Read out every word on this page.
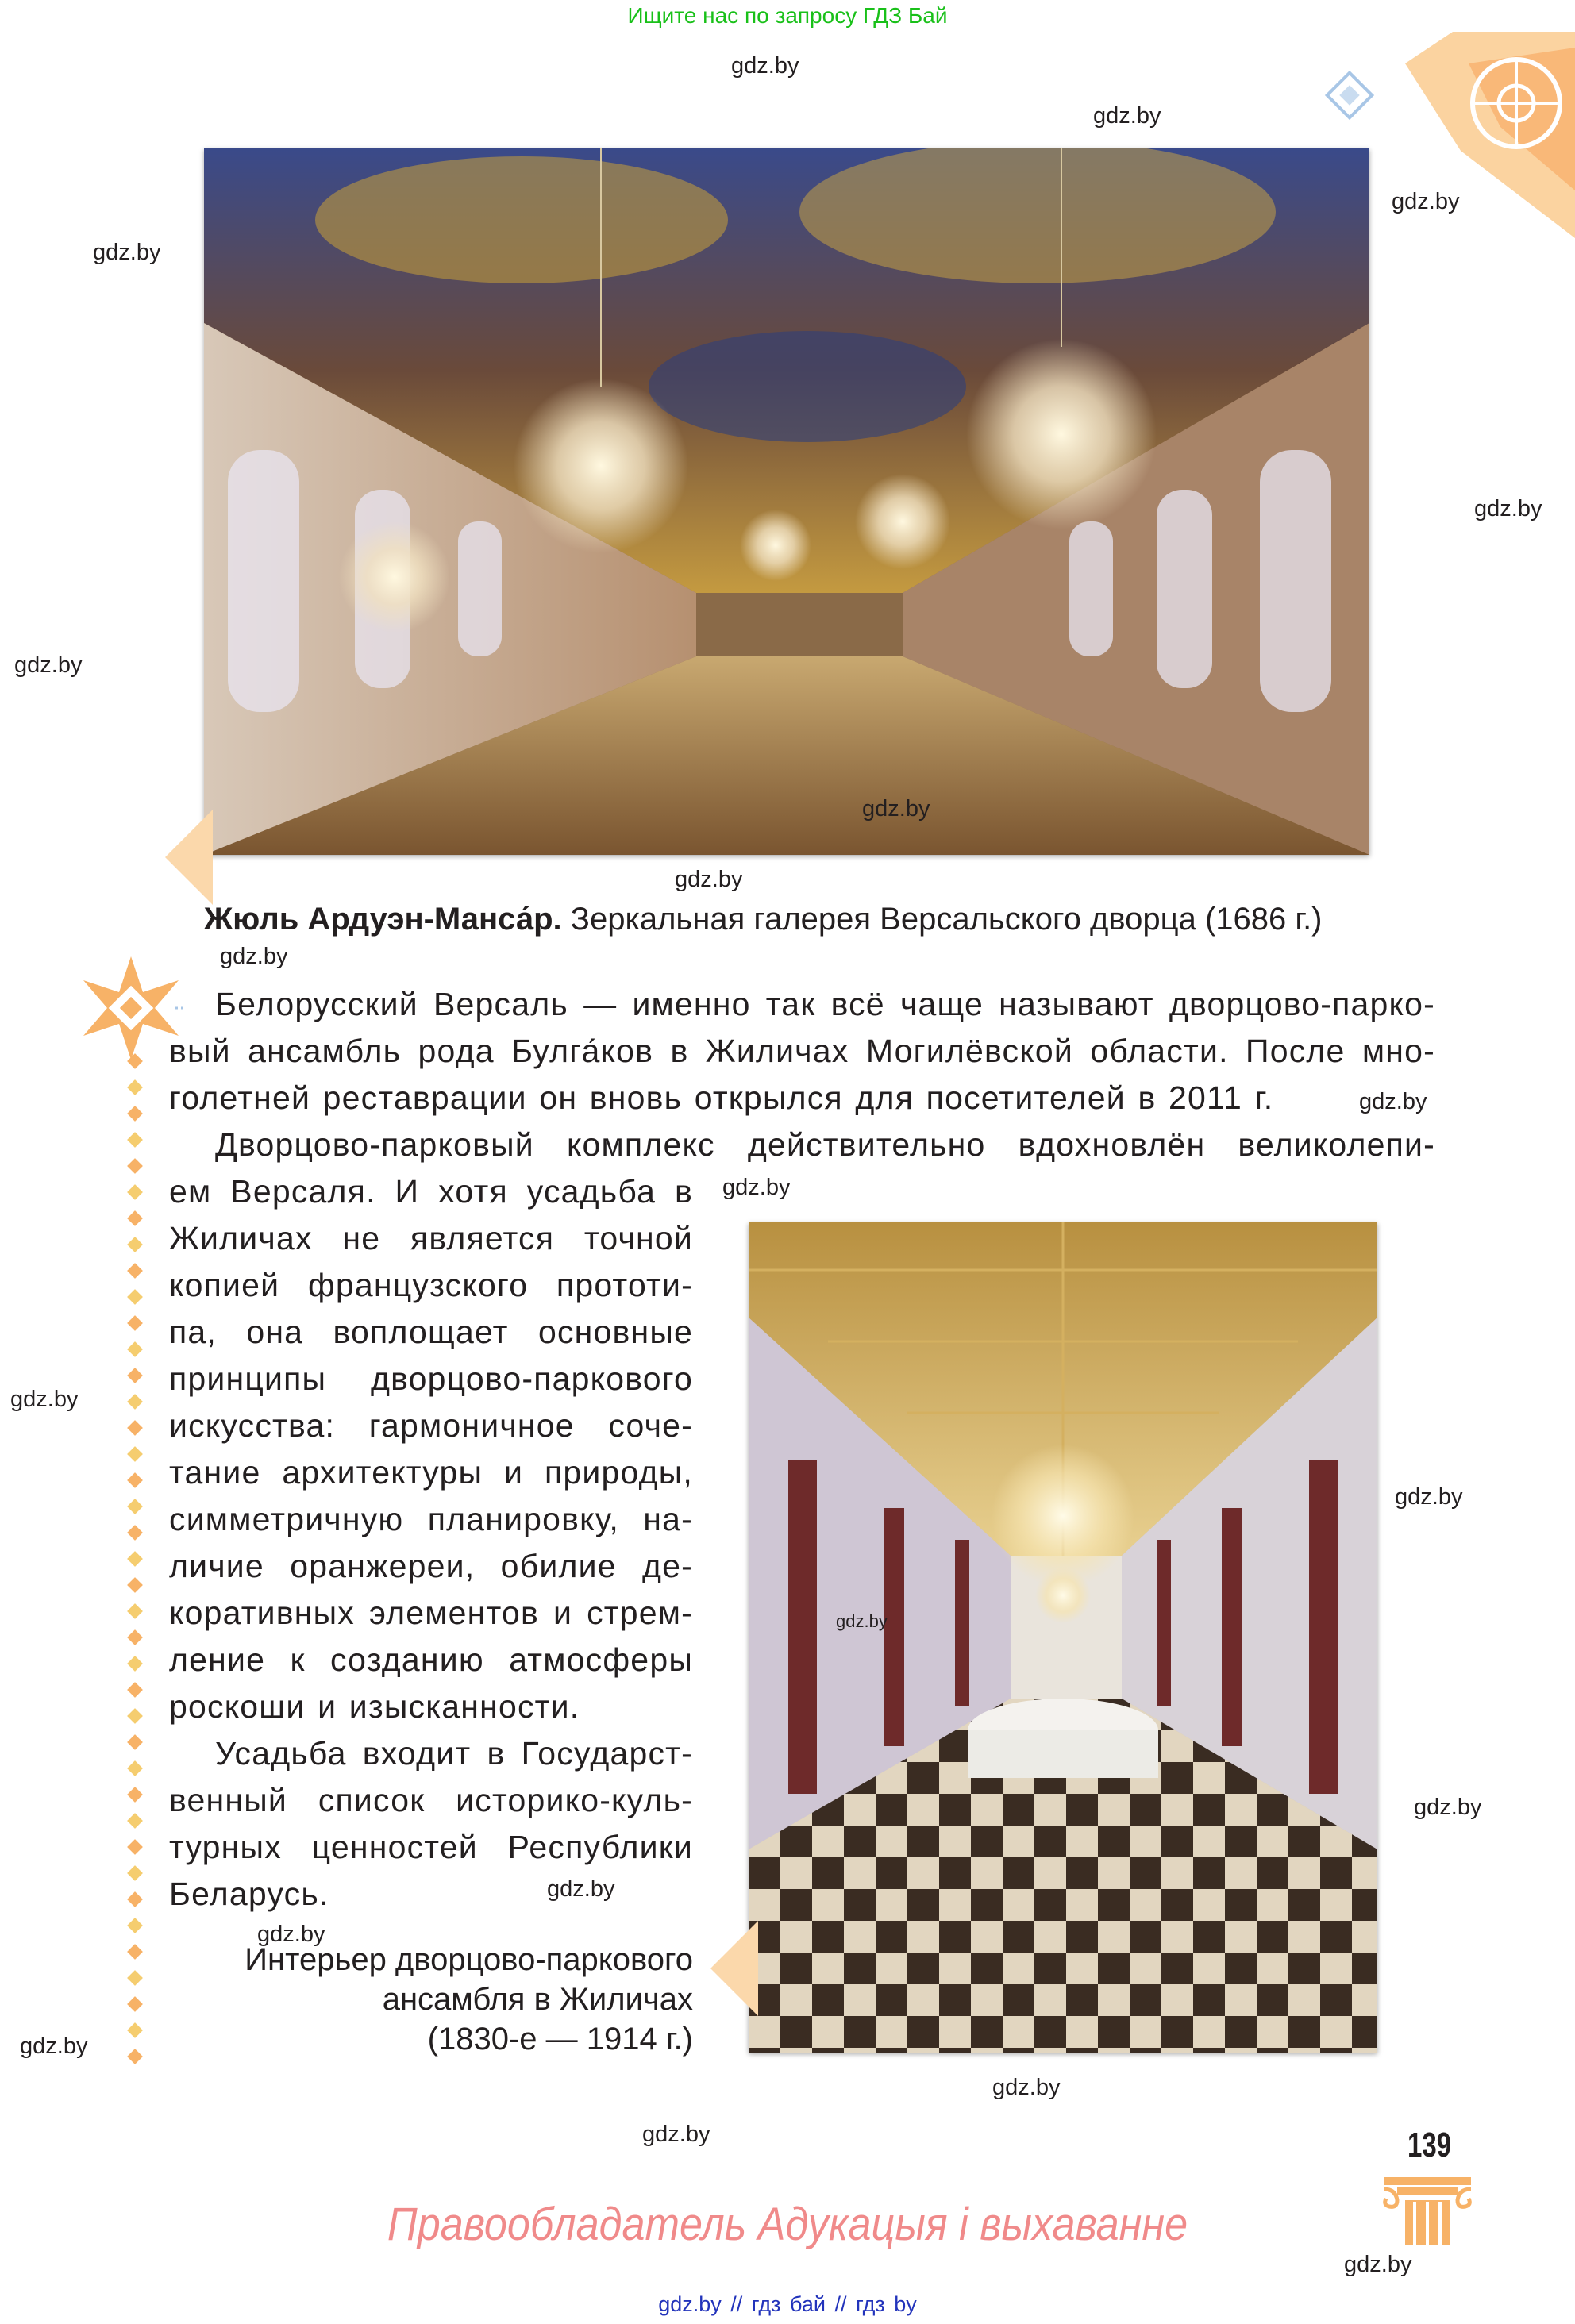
Ищите нас по запросу ГДЗ Бай
Жюль Ардуэн-Манса́р. Зеркальная галерея Версальского дворца (1686 г.)
Белорусский Версаль — именно так всё чаще называют дворцово-парко-
вый ансамбль рода Булга́ков в Жиличах Могилёвской области. После мно-
голетней реставрации он вновь открылся для посетителей в 2011 г.
Дворцово-парковый комплекс действительно вдохновлён великолепи-
ем Версаля. И хотя усадьба в
Жиличах не является точной
копией французского прототи-
па, она воплощает основные
принципы дворцово-паркового
искусства: гармоничное соче-
тание архитектуры и природы,
симметричную планировку, на-
личие оранжереи, обилие де-
коративных элементов и стрем-
ление к созданию атмосферы
роскоши и изысканности.
Усадьба входит в Государст-
венный список историко-куль-
турных ценностей Республики
Беларусь.
Интерьер дворцово-паркового
ансамбля в Жиличах
(1830-е — 1914 г.)
gdz.by
gdz.by
gdz.by
gdz.by
gdz.by
gdz.by
gdz.by
gdz.by
gdz.by
gdz.by
gdz.by
gdz.by
gdz.by
gdz.by
gdz.by
gdz.by
gdz.by
gdz.by
gdz.by
gdz.by
gdz.by
139
Правообладатель Адукацыя і выхаванне
gdz.by // гдз бай // гдз by
